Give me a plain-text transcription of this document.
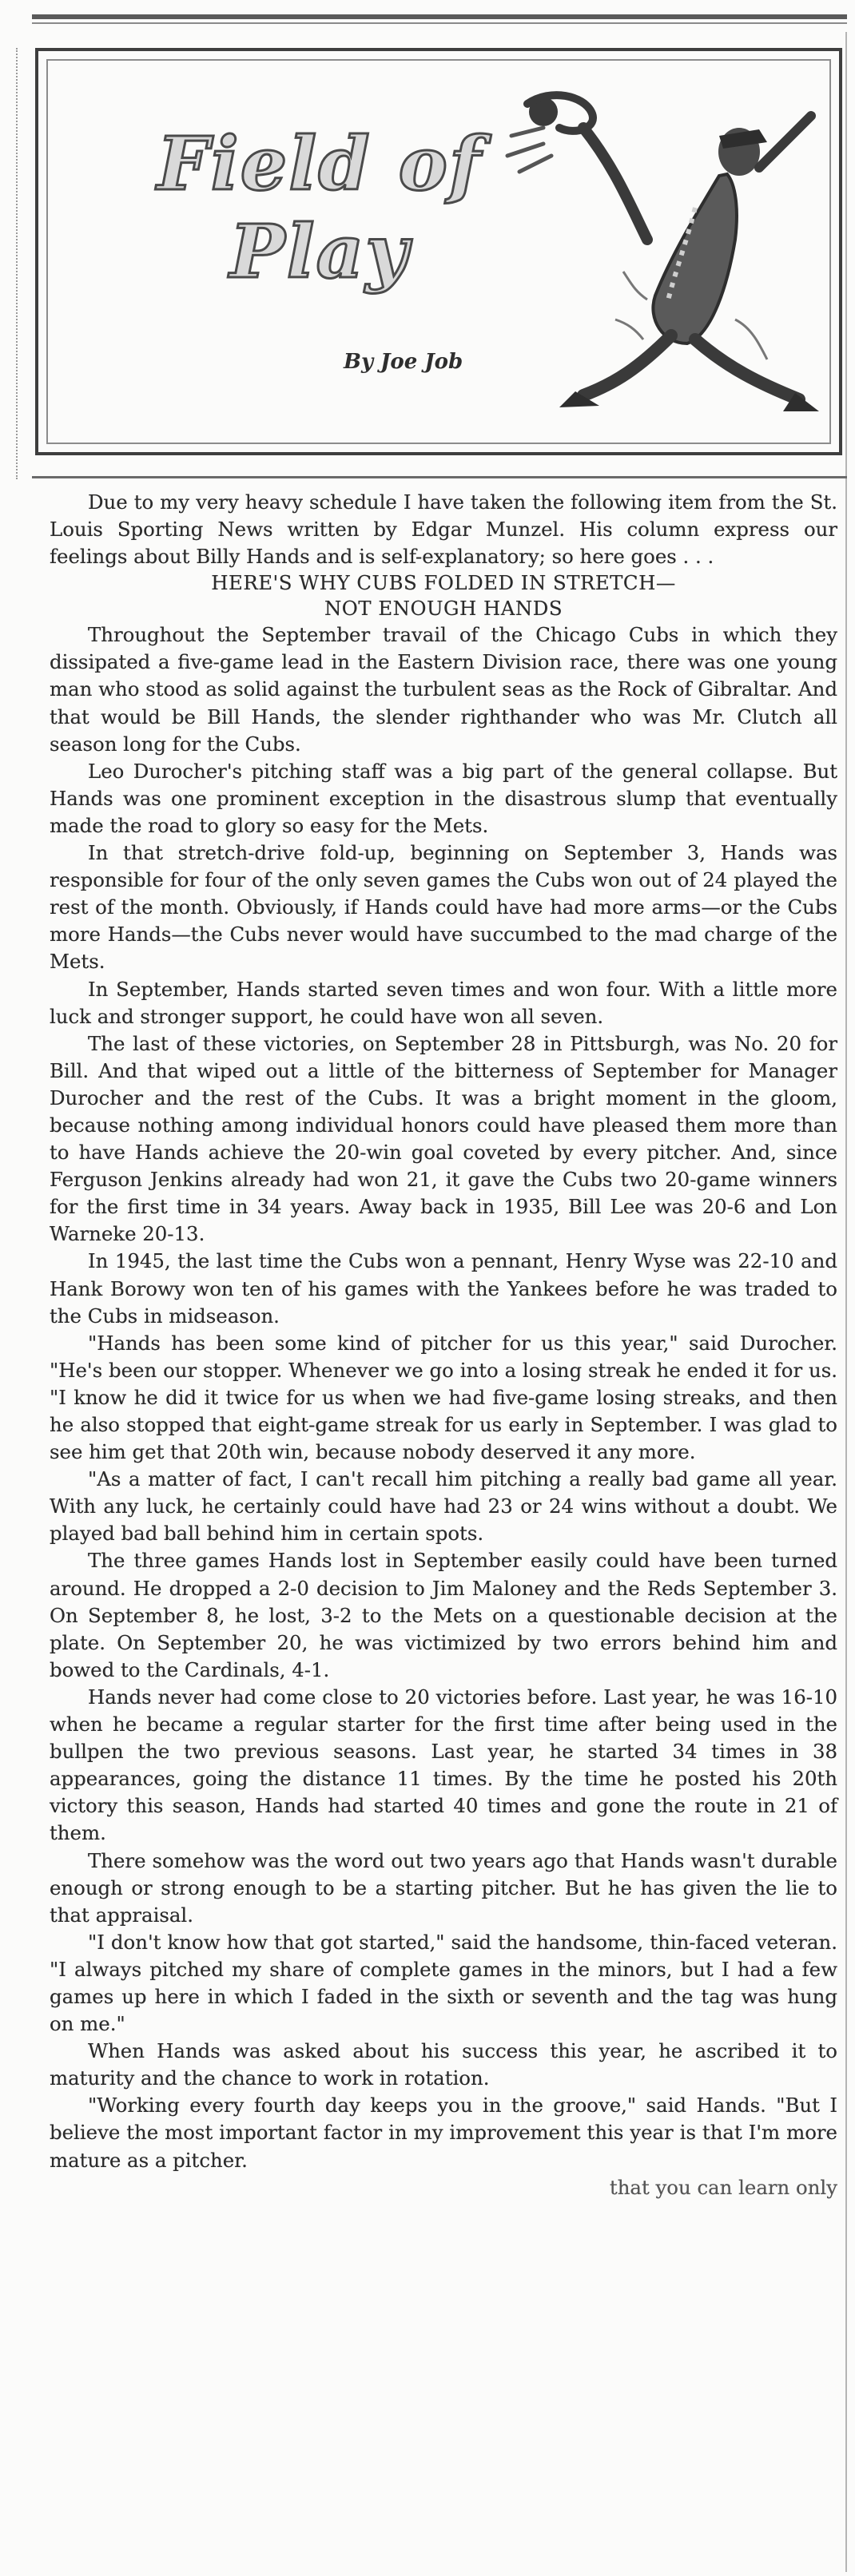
Field of
Play
By Joe Job

Due to my very heavy schedule I have taken the following item from the St. Louis Sporting News written by Edgar Munzel. His column express our feelings about Billy Hands and is self-explanatory; so here goes . . .

HERE'S WHY CUBS FOLDED IN STRETCH—

NOT ENOUGH HANDS

Throughout the September travail of the Chicago Cubs in which they dissipated a five-game lead in the Eastern Division race, there was one young man who stood as solid against the turbulent seas as the Rock of Gibraltar. And that would be Bill Hands, the slender righthander who was Mr. Clutch all season long for the Cubs.

Leo Durocher's pitching staff was a big part of the general collapse. But Hands was one prominent exception in the disastrous slump that eventually made the road to glory so easy for the Mets.

In that stretch-drive fold-up, beginning on September 3, Hands was responsible for four of the only seven games the Cubs won out of 24 played the rest of the month. Obviously, if Hands could have had more arms—or the Cubs more Hands—the Cubs never would have succumbed to the mad charge of the Mets.

In September, Hands started seven times and won four. With a little more luck and stronger support, he could have won all seven.

The last of these victories, on September 28 in Pittsburgh, was No. 20 for Bill. And that wiped out a little of the bitterness of September for Manager Durocher and the rest of the Cubs. It was a bright moment in the gloom, because nothing among individual honors could have pleased them more than to have Hands achieve the 20-win goal coveted by every pitcher. And, since Ferguson Jenkins already had won 21, it gave the Cubs two 20-game winners for the first time in 34 years. Away back in 1935, Bill Lee was 20-6 and Lon Warneke 20-13.

In 1945, the last time the Cubs won a pennant, Henry Wyse was 22-10 and Hank Borowy won ten of his games with the Yankees before he was traded to the Cubs in midseason.

"Hands has been some kind of pitcher for us this year," said Durocher. "He's been our stopper. Whenever we go into a losing streak he ended it for us. "I know he did it twice for us when we had five-game losing streaks, and then he also stopped that eight-game streak for us early in September. I was glad to see him get that 20th win, because nobody deserved it any more.

"As a matter of fact, I can't recall him pitching a really bad game all year. With any luck, he certainly could have had 23 or 24 wins without a doubt. We played bad ball behind him in certain spots.

The three games Hands lost in September easily could have been turned around. He dropped a 2-0 decision to Jim Maloney and the Reds September 3. On September 8, he lost, 3-2 to the Mets on a questionable decision at the plate. On September 20, he was victimized by two errors behind him and bowed to the Cardinals, 4-1.

Hands never had come close to 20 victories before. Last year, he was 16-10 when he became a regular starter for the first time after being used in the bullpen the two previous seasons. Last year, he started 34 times in 38 appearances, going the distance 11 times. By the time he posted his 20th victory this season, Hands had started 40 times and gone the route in 21 of them.

There somehow was the word out two years ago that Hands wasn't durable enough or strong enough to be a starting pitcher. But he has given the lie to that appraisal.

"I don't know how that got started," said the handsome, thin-faced veteran. "I always pitched my share of complete games in the minors, but I had a few games up here in which I faded in the sixth or seventh and the tag was hung on me."

When Hands was asked about his success this year, he ascribed it to maturity and the chance to work in rotation.

"Working every fourth day keeps you in the groove," said Hands. "But I believe the most important factor in my improvement this year is that I'm more mature as a pitcher.

that you can learn only
